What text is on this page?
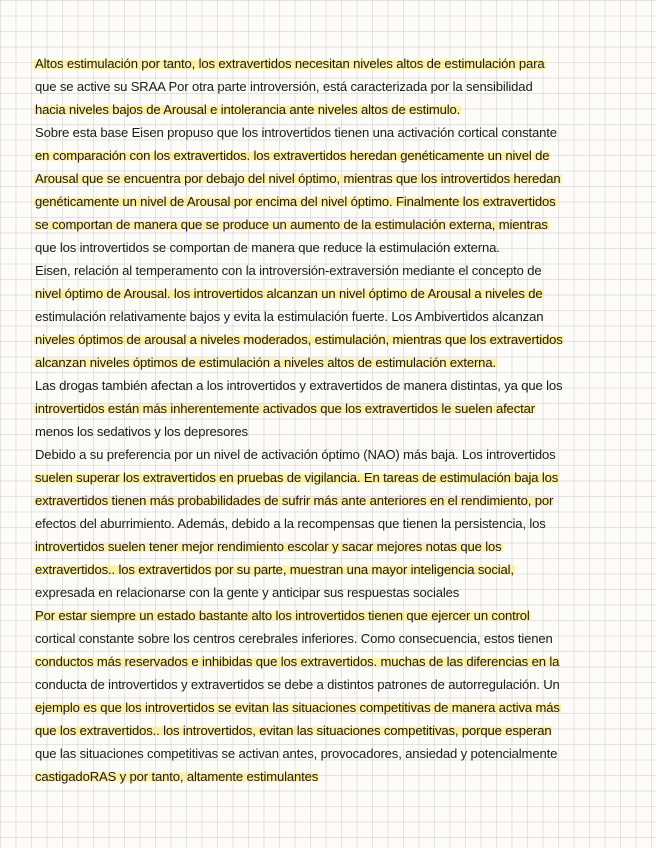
Altos estimulación por tanto, los extravertidos necesitan niveles altos de estimulación para
que se active su SRAA Por otra parte introversión, está caracterizada por la sensibilidad
hacia niveles bajos de Arousal e intolerancia ante niveles altos de estimulo.
Sobre esta base Eisen propuso que los introvertidos tienen una activación cortical constante
en comparación con los extravertidos. los extravertidos heredan genéticamente un nivel de
Arousal que se encuentra por debajo del nivel óptimo, mientras que los introvertidos heredan
genéticamente un nivel de Arousal por encima del nivel óptimo. Finalmente los extravertidos
se comportan de manera que se produce un aumento de la estimulación externa, mientras
que los introvertidos se comportan de manera que reduce la estimulación externa.
Eisen, relación al temperamento con la introversión-extraversión mediante el concepto de
nivel óptimo de Arousal. los introvertidos alcanzan un nivel óptimo de Arousal a niveles de
estimulación relativamente bajos y evita la estimulación fuerte. Los Ambivertidos alcanzan
niveles óptimos de arousal a niveles moderados, estimulación, mientras que los extravertidos
alcanzan niveles óptimos de estimulación a niveles altos de estimulación externa.
Las drogas también afectan a los introvertidos y extravertidos de manera distintas, ya que los
introvertidos están más inherentemente activados que los extravertidos le suelen afectar
menos los sedativos y los depresores
Debido a su preferencia por un nivel de activación óptimo (NAO) más baja. Los introvertidos
suelen superar los extravertidos en pruebas de vigilancia. En tareas de estimulación baja los
extravertidos tienen más probabilidades de sufrir más ante anteriores en el rendimiento, por
efectos del aburrimiento. Además, debido a la recompensas que tienen la persistencia, los
introvertidos suelen tener mejor rendimiento escolar y sacar mejores notas que los
extravertidos.. los extravertidos por su parte, muestran una mayor inteligencia social,
expresada en relacionarse con la gente y anticipar sus respuestas sociales
Por estar siempre un estado bastante alto los introvertidos tienen que ejercer un control
cortical constante sobre los centros cerebrales inferiores. Como consecuencia, estos tienen
conductos más reservados e inhibidas que los extravertidos. muchas de las diferencias en la
conducta de introvertidos y extravertidos se debe a distintos patrones de autorregulación. Un
ejemplo es que los introvertidos se evitan las situaciones competitivas de manera activa más
que los extravertidos.. los introvertidos, evitan las situaciones competitivas, porque esperan
que las situaciones competitivas se activan antes, provocadores, ansiedad y potencialmente
castigadoRAS y por tanto, altamente estimulantes
